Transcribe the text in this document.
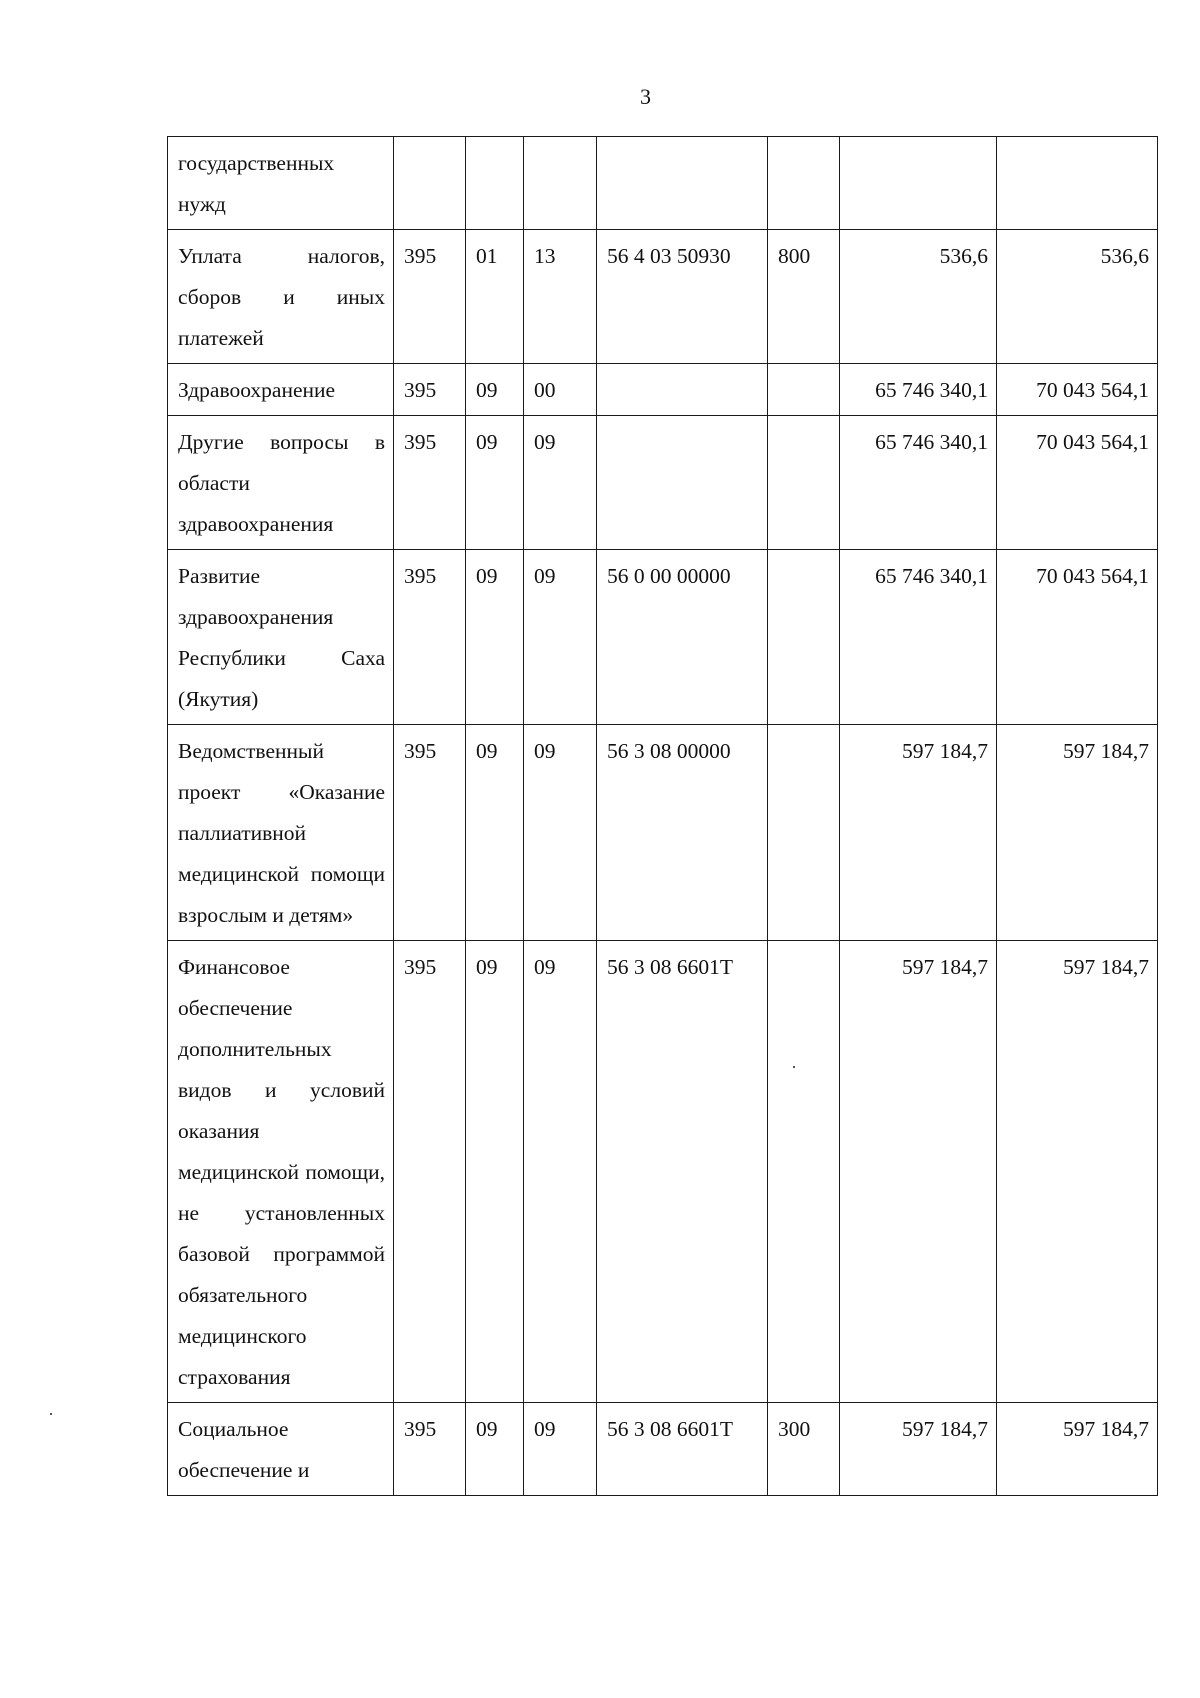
3
государственных нужд							
Уплата налогов, сборов и иных платежей	395	01	13	56 4 03 50930	800	536,6	536,6
Здравоохранение	395	09	00			65 746 340,1	70 043 564,1
Другие вопросы в области здравоохранения	395	09	09			65 746 340,1	70 043 564,1
Развитие здравоохранения Республики Саха (Якутия)	395	09	09	56 0 00 00000		65 746 340,1	70 043 564,1
Ведомственный проект «Оказание паллиативной медицинской помощи взрослым и детям»	395	09	09	56 3 08 00000		597 184,7	597 184,7
Финансовое обеспечение дополнительных видов и условий оказания медицинской помощи, не установленных базовой программой обязательного медицинского страхования	395	09	09	56 3 08 6601Т		597 184,7	597 184,7
Социальное обеспечение и	395	09	09	56 3 08 6601Т	300	597 184,7	597 184,7
